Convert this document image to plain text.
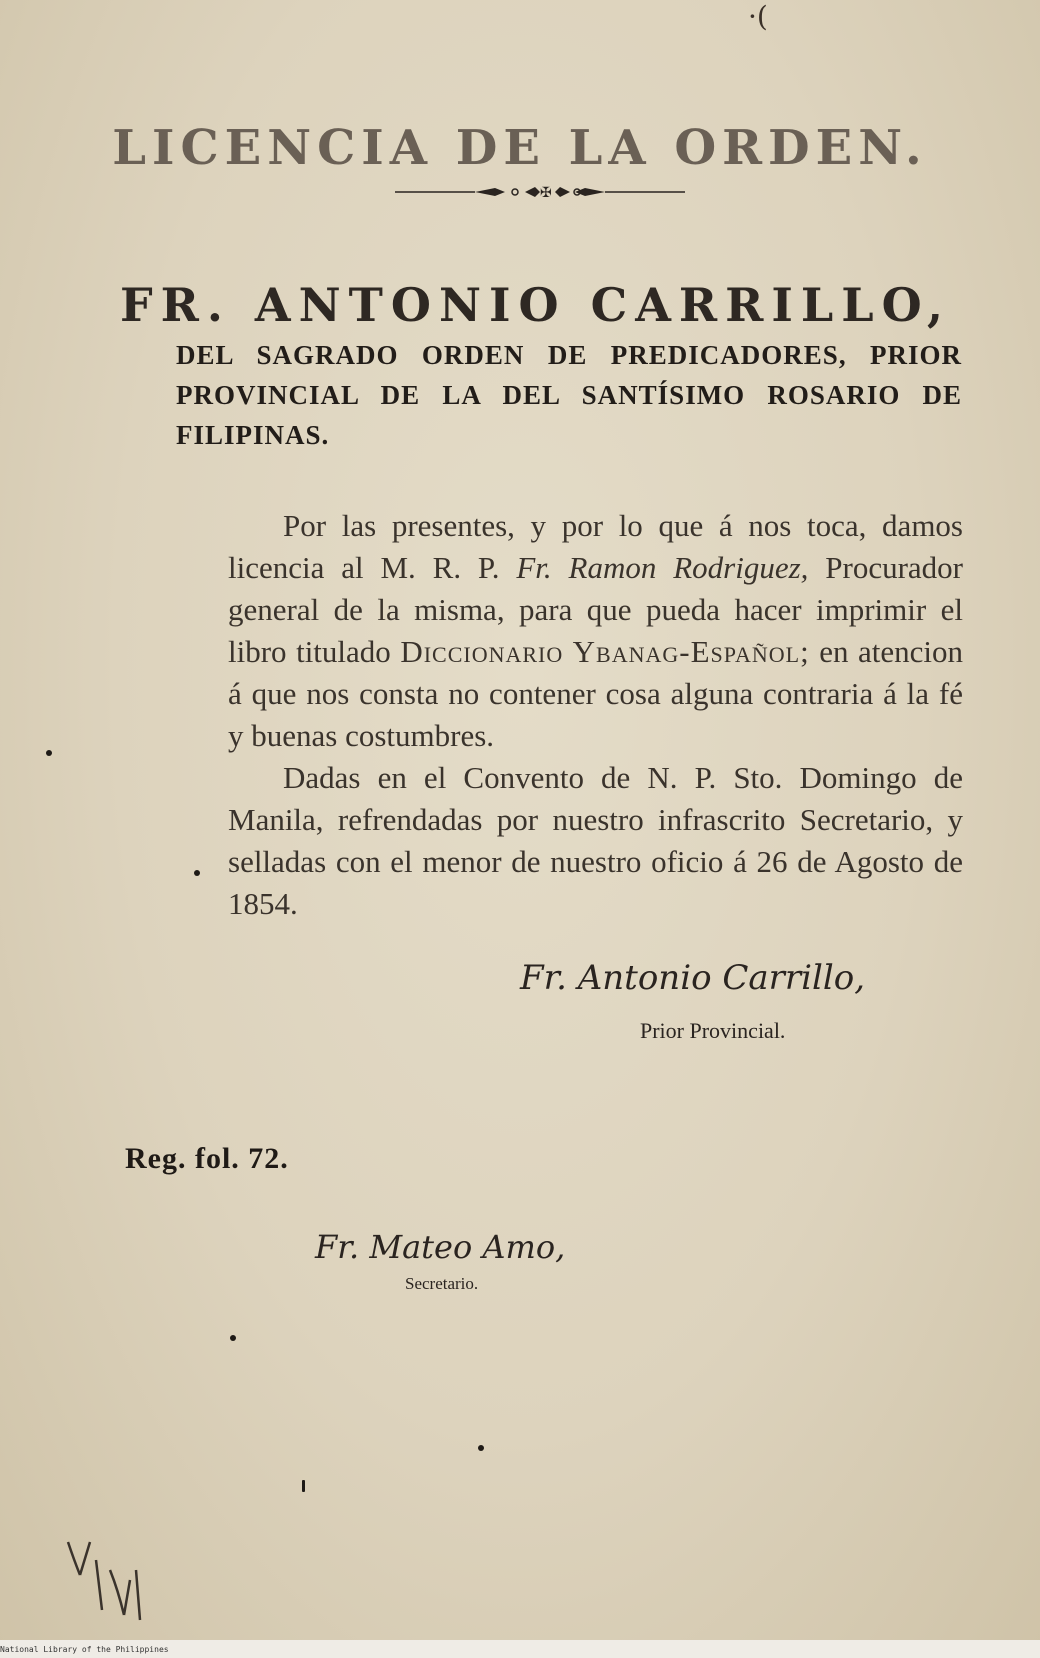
·(
LICENCIA DE LA ORDEN.
✠
FR. ANTONIO CARRILLO,
DEL SAGRADO ORDEN DE PREDICADORES, PRIOR PROVINCIAL DE LA DEL SANTÍSIMO ROSARIO DE FILIPINAS.

Por las presentes, y por lo que á nos toca, damos licencia al M. R. P. Fr. Ramon Rodriguez, Procurador general de la misma, para que pueda hacer imprimir el libro titulado Diccionario Ybanag-Español; en atencion á que nos consta no contener cosa alguna contraria á la fé y buenas costumbres.

Dadas en el Convento de N. P. Sto. Domingo de Manila, refrendadas por nuestro infrascrito Secretario, y selladas con el menor de nuestro oficio á 26 de Agosto de 1854.

Fr. Antonio Carrillo,
Prior Provincial.
Reg. fol. 72.
Fr. Mateo Amo,
Secretario.
National Library of the Philippines
